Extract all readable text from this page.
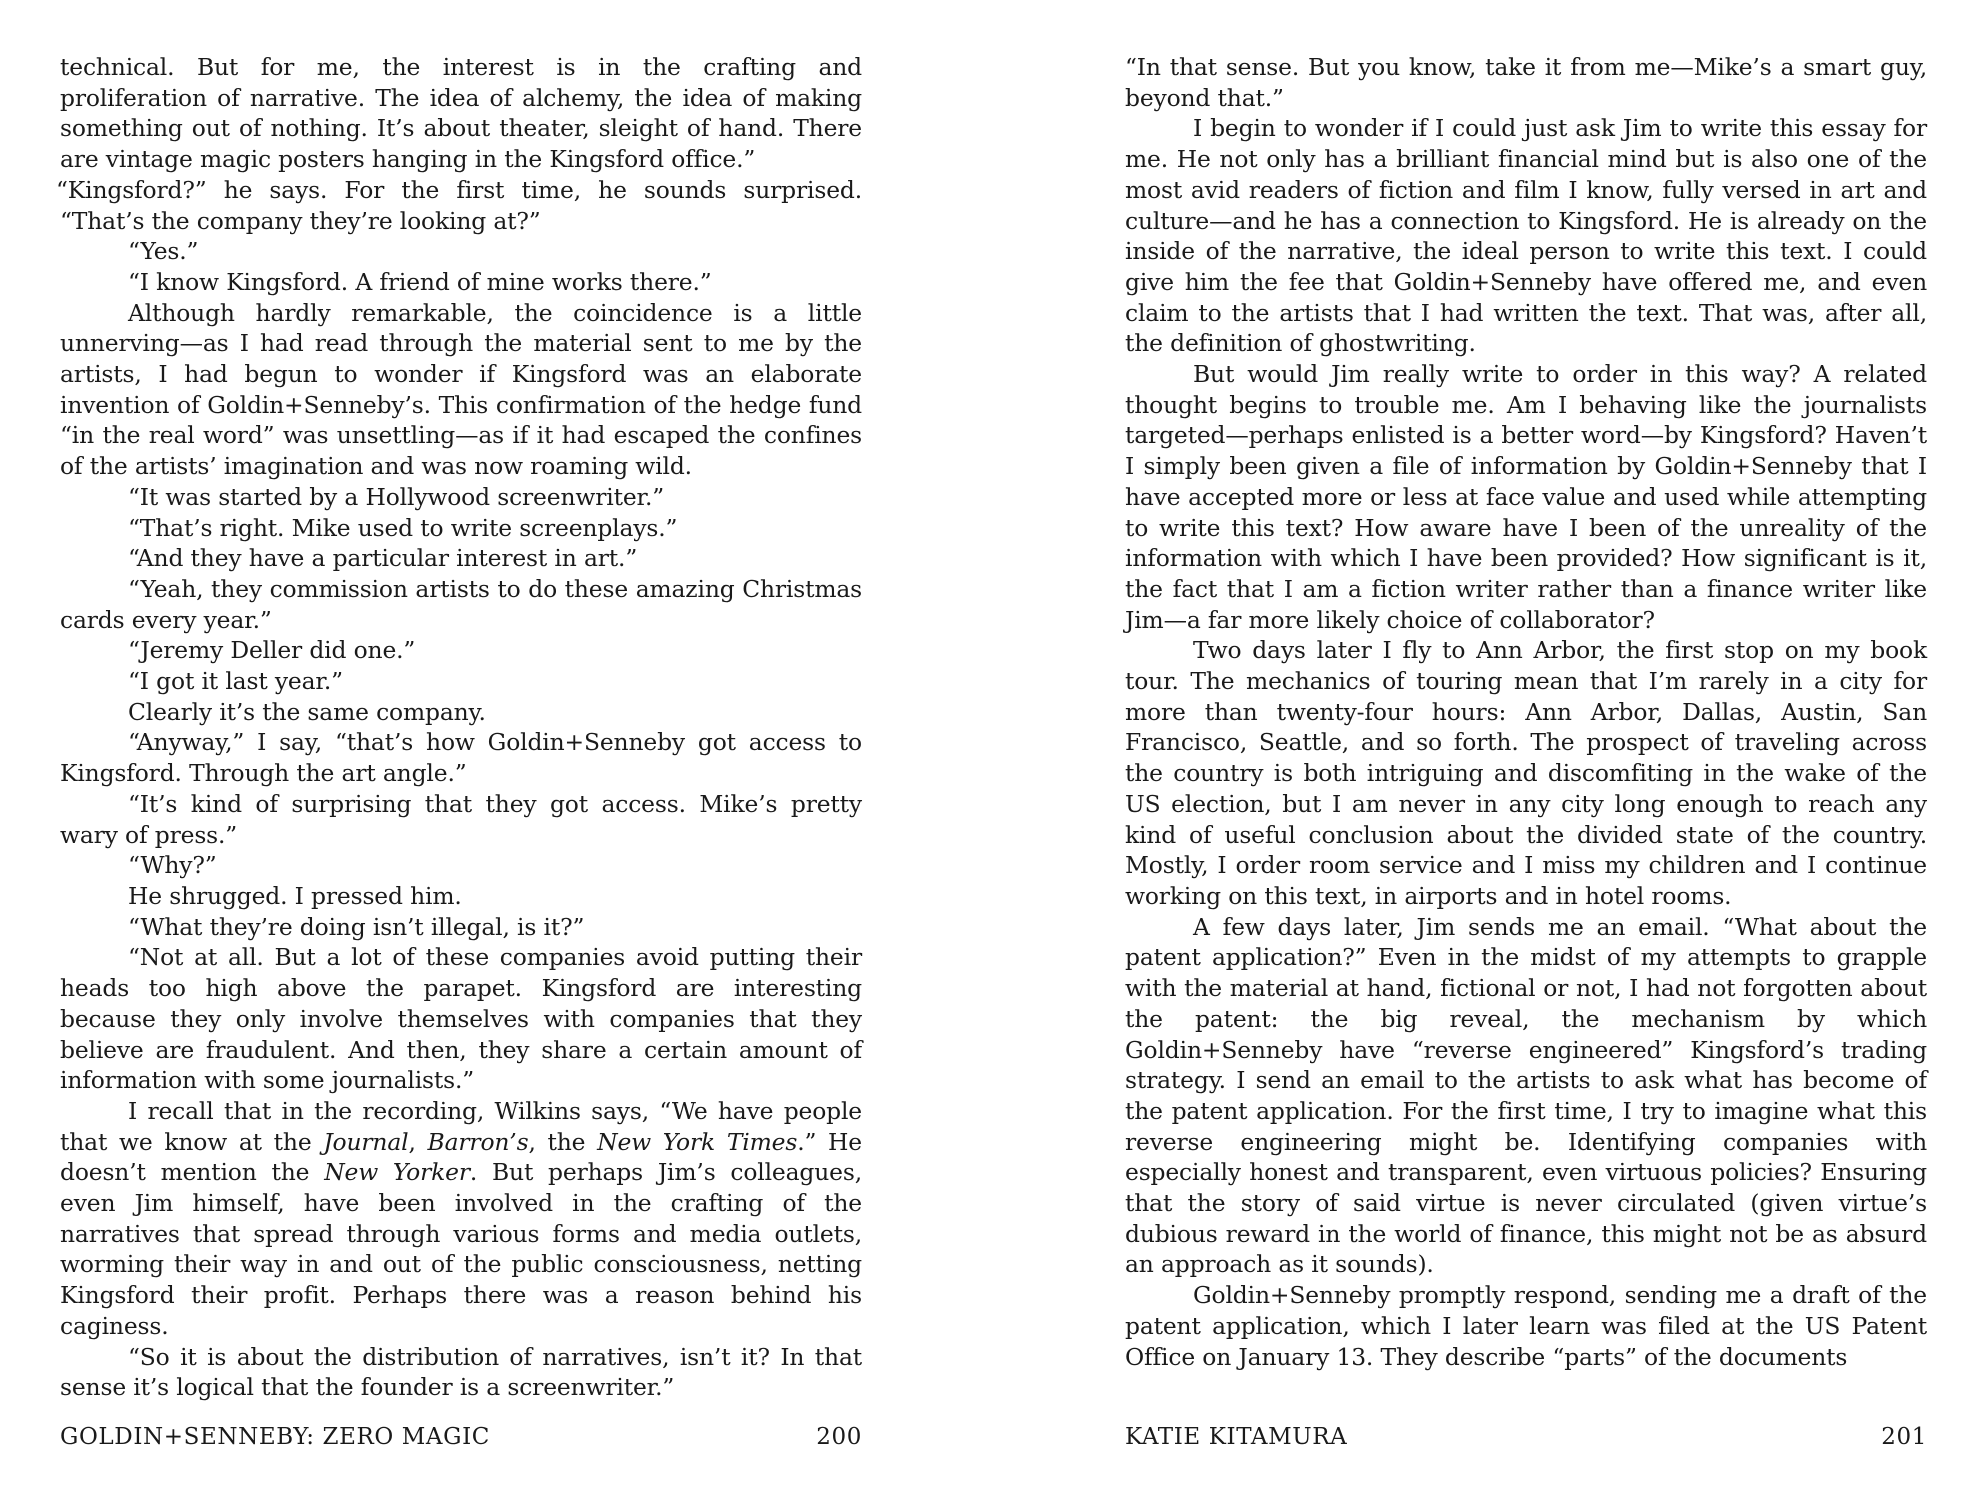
technical. But for me, the interest is in the crafting and proliferation of narrative. The idea of alchemy, the idea of making something out of nothing. It’s about theater, sleight of hand. There are vintage magic posters hanging in the Kingsford office.”

“Kingsford?” he says. For the first time, he sounds surprised. “That’s the company they’re looking at?”

“Yes.”

“I know Kingsford. A friend of mine works there.”

Although hardly remarkable, the coincidence is a little unnerving—as I had read through the material sent to me by the artists, I had begun to wonder if Kingsford was an elaborate invention of Goldin+Senneby’s. This confirmation of the hedge fund “in the real word” was unsettling—as if it had escaped the confines of the artists’ imagination and was now roaming wild.

“It was started by a Hollywood screenwriter.”

“That’s right. Mike used to write screenplays.”

“And they have a particular interest in art.”

“Yeah, they commission artists to do these amazing Christmas cards every year.”

“Jeremy Deller did one.”

“I got it last year.”

Clearly it’s the same company.

“Anyway,” I say, “that’s how Goldin+Senneby got access to Kingsford. Through the art angle.”

“It’s kind of surprising that they got access. Mike’s pretty wary of press.”

“Why?”

He shrugged. I pressed him.

“What they’re doing isn’t illegal, is it?”

“Not at all. But a lot of these companies avoid putting their heads too high above the parapet. Kingsford are interesting because they only involve themselves with companies that they believe are fraudulent. And then, they share a certain amount of information with some journalists.”

I recall that in the recording, Wilkins says, “We have people that we know at the Journal, Barron’s, the New York Times.” He doesn’t mention the New Yorker. But perhaps Jim’s colleagues, even Jim himself, have been involved in the crafting of the narratives that spread through various forms and media outlets, worming their way in and out of the public consciousness, netting Kingsford their profit. Perhaps there was a reason behind his caginess.

“So it is about the distribution of narratives, isn’t it? In that sense it’s logical that the founder is a screenwriter.”

GOLDIN+SENNEBY: ZERO MAGIC	200

“In that sense. But you know, take it from me—Mike’s a smart guy, beyond that.”

I begin to wonder if I could just ask Jim to write this essay for me. He not only has a brilliant financial mind but is also one of the most avid readers of fiction and film I know, fully versed in art and culture—and he has a connection to Kingsford. He is already on the inside of the narrative, the ideal person to write this text. I could give him the fee that Goldin+Senneby have offered me, and even claim to the artists that I had written the text. That was, after all, the definition of ghostwriting.

But would Jim really write to order in this way? A related thought begins to trouble me. Am I behaving like the journalists targeted—perhaps enlisted is a better word—by Kingsford? Haven’t I simply been given a file of information by Goldin+Senneby that I have accepted more or less at face value and used while attempting to write this text? How aware have I been of the unreality of the information with which I have been provided? How significant is it, the fact that I am a fiction writer rather than a finance writer like Jim—a far more likely choice of collaborator?

Two days later I fly to Ann Arbor, the first stop on my book tour. The mechanics of touring mean that I’m rarely in a city for more than twenty-four hours: Ann Arbor, Dallas, Austin, San Francisco, Seattle, and so forth. The prospect of traveling across the country is both intriguing and discomfiting in the wake of the US election, but I am never in any city long enough to reach any kind of useful conclusion about the divided state of the country. Mostly, I order room service and I miss my children and I continue working on this text, in airports and in hotel rooms.

A few days later, Jim sends me an email. “What about the patent application?” Even in the midst of my attempts to grapple with the material at hand, fictional or not, I had not forgotten about the patent: the big reveal, the mechanism by which Goldin+Senneby have “reverse engineered” Kingsford’s trading strategy. I send an email to the artists to ask what has become of the patent application. For the first time, I try to imagine what this reverse engineering might be. Identifying companies with especially honest and transparent, even virtuous policies? Ensuring that the story of said virtue is never circulated (given virtue’s dubious reward in the world of finance, this might not be as absurd an approach as it sounds).

Goldin+Senneby promptly respond, sending me a draft of the patent application, which I later learn was filed at the US Patent Office on January 13. They describe “parts” of the documents

KATIE KITAMURA	201
